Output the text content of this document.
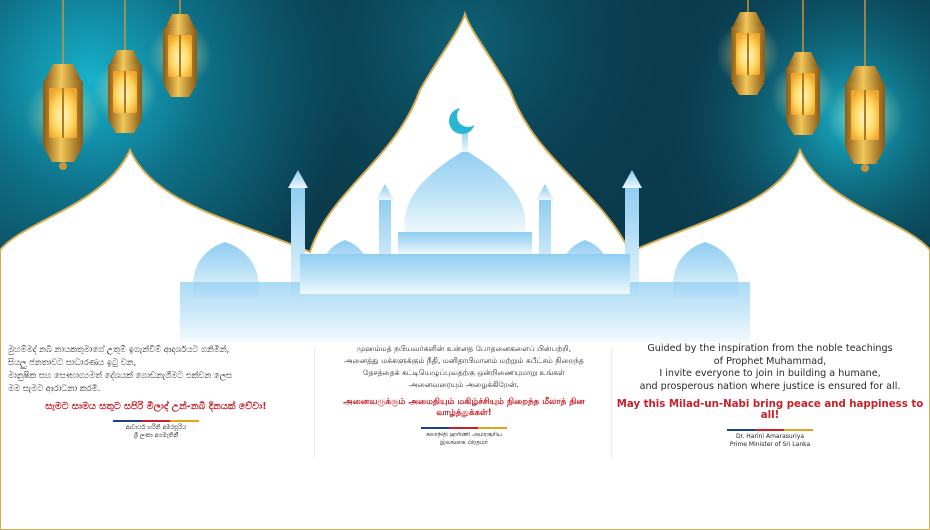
මුහම්මද් නබි නායකතුමාගේ උතුම් ඉගැන්වීම් ආදර්ශයට ගනිමින්,

සියලු ජනතාවට සාධාරණය ඉටු වන,

මානුෂික සහ සෞභාග්‍යමත් දේශයක් ගොඩනැගීමට එක්වන ලෙස

මම සැමට ආරාධනා කරමි.

සැමට සාමය සතුට සපිරි මිලාද් උන්-නබි දිනයක් වේවා!

ආචාර්ය හරිනි අමරසූරිය

ශ්‍රී ලංකා අගමැතිනී

முஹம்மத் நபியவர்களின் உன்னத போதனைகளைப் பின்பற்றி,

அனைத்து மக்களுக்கும் நீதி, மனிதாபிமானம் மற்றும் சுபீட்சம் நிறைந்த

தேசத்தைக் கட்டியெழுப்புவதற்கு ஒன்றிணையுமாறு உங்கள்

அனைவரையும் அழைக்கிறேன்.

அனைவருக்கும் அமைதியும் மகிழ்ச்சியும் நிறைந்த மீலாத் தின வாழ்த்துக்கள்!

கலாநிதி ஹரிணி அமரசூரிய

இலங்கை பிரதமர்

Guided by the inspiration from the noble teachings

of Prophet Muhammad,

I invite everyone to join in building a humane,

and prosperous nation where justice is ensured for all.

May this Milad-un-Nabi bring peace and happiness to all!

Dr. Harini Amarasuriya

Prime Minister of Sri Lanka
